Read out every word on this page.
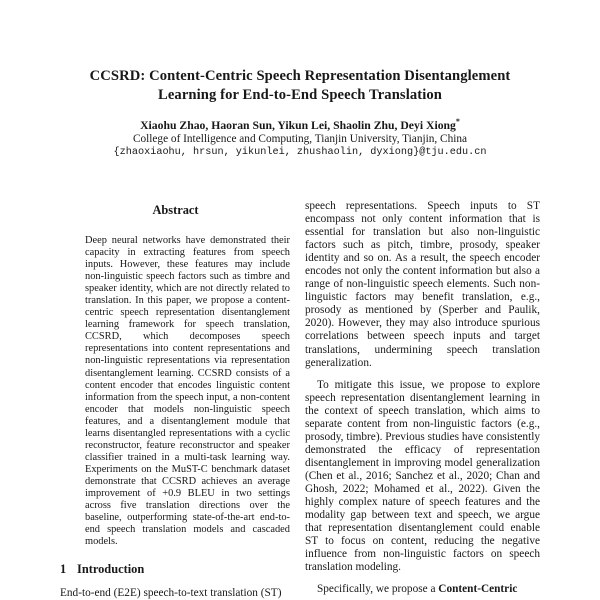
CCSRD: Content-Centric Speech Representation Disentanglement
Learning for End-to-End Speech Translation
Xiaohu Zhao, Haoran Sun, Yikun Lei, Shaolin Zhu, Deyi Xiong*
College of Intelligence and Computing, Tianjin University, Tianjin, China
{zhaoxiaohu, hrsun, yikunlei, zhushaolin, dyxiong}@tju.edu.cn
Abstract

Deep neural networks have demonstrated their capacity in extracting features from speech inputs. However, these features may include non-linguistic speech factors such as timbre and speaker identity, which are not directly related to translation. In this paper, we propose a content-centric speech representation disentanglement learning framework for speech translation, CCSRD, which decomposes speech representations into content representations and non-linguistic representations via representation disentanglement learning. CCSRD consists of a content encoder that encodes linguistic content information from the speech input, a non-content encoder that models non-linguistic speech features, and a disentanglement module that learns disentangled representations with a cyclic reconstructor, feature reconstructor and speaker classifier trained in a multi-task learning way. Experiments on the MuST-C benchmark dataset demonstrate that CCSRD achieves an average improvement of +0.9 BLEU in two settings across five translation directions over the baseline, outperforming state-of-the-art end-to-end speech translation models and cascaded models.

1 Introduction

End-to-end (E2E) speech-to-text translation (ST)

speech representations. Speech inputs to ST encompass not only content information that is essential for translation but also non-linguistic factors such as pitch, timbre, prosody, speaker identity and so on. As a result, the speech encoder encodes not only the content information but also a range of non-linguistic speech elements. Such non-linguistic factors may benefit translation, e.g., prosody as mentioned by (Sperber and Paulik, 2020). However, they may also introduce spurious correlations between speech inputs and target translations, undermining speech translation generalization.

To mitigate this issue, we propose to explore speech representation disentanglement learning in the context of speech translation, which aims to separate content from non-linguistic factors (e.g., prosody, timbre). Previous studies have consistently demonstrated the efficacy of representation disentanglement in improving model generalization (Chen et al., 2016; Sanchez et al., 2020; Chan and Ghosh, 2022; Mohamed et al., 2022). Given the highly complex nature of speech features and the modality gap between text and speech, we argue that representation disentanglement could enable ST to focus on content, reducing the negative influence from non-linguistic factors on speech translation modeling.

Specifically, we propose a Content-Centric
